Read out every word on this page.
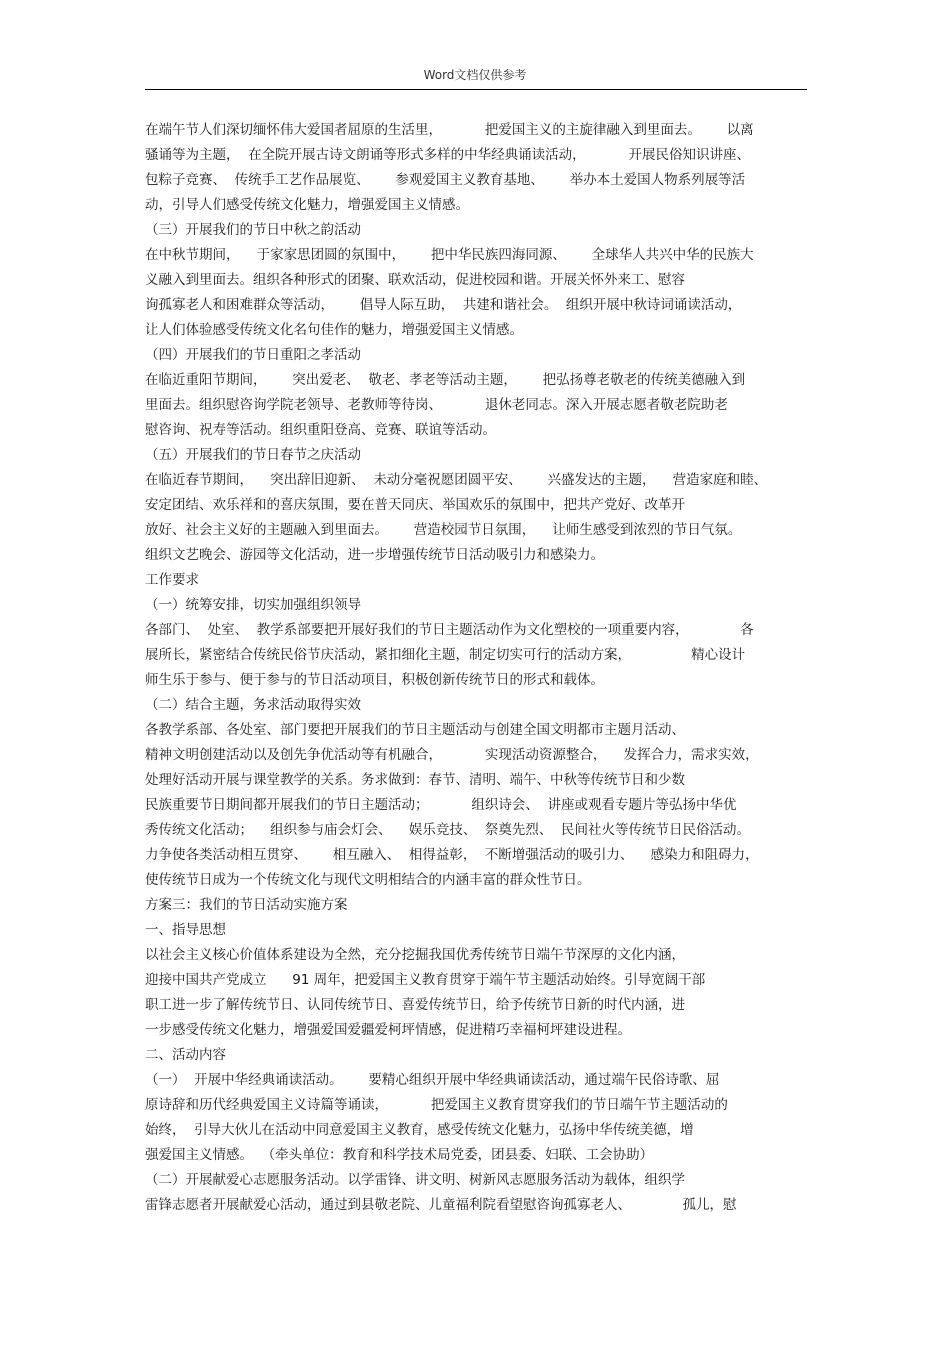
Word文档仅供参考
在端午节人们深切缅怀伟大爱国者屈原的生活里，          把爱国主义的主旋律融入到里面去。      以离
骚诵等为主题，  在全院开展古诗文朗诵等形式多样的中华经典诵读活动，          开展民俗知识讲座、
包粽子竞赛、  传统手工艺作品展览、      参观爱国主义教育基地、      举办本土爱国人物系列展等活
动，引导人们感受传统文化魅力，增强爱国主义情感。
（三）开展我们的节日中秋之韵活动
在中秋节期间，    于家家思团圆的氛围中，      把中华民族四海同源、      全球华人共兴中华的民族大
义融入到里面去。组织各种形式的团聚、联欢活动，促进校园和谐。开展关怀外来工、慰容
询孤寡老人和困难群众等活动，      倡导人际互助，  共建和谐社会。  组织开展中秋诗词诵读活动，
让人们体验感受传统文化名句佳作的魅力，增强爱国主义情感。
（四）开展我们的节日重阳之孝活动
在临近重阳节期间，      突出爱老、  敬老、孝老等活动主题，      把弘扬尊老敬老的传统美德融入到
里面去。组织慰咨询学院老领导、老教师等待岗、          退休老同志。深入开展志愿者敬老院助老
慰咨询、祝寿等活动。组织重阳登高、竞赛、联谊等活动。
（五）开展我们的节日春节之庆活动
在临近春节期间，    突出辞旧迎新、  未动分毫祝愿团圆平安、      兴盛发达的主题，    营造家庭和睦、
安定团结、欢乐祥和的喜庆氛围，要在普天同庆、举国欢乐的氛围中，把共产党好、改革开
放好、社会主义好的主题融入到里面去。      营造校园节日氛围，    让师生感受到浓烈的节日气氛。
组织文艺晚会、游园等文化活动，进一步增强传统节日活动吸引力和感染力。
工作要求
（一）统筹安排，切实加强组织领导
各部门、  处室、  教学系部要把开展好我们的节日主题活动作为文化塑校的一项重要内容，            各
展所长，紧密结合传统民俗节庆活动，紧扣细化主题，制定切实可行的活动方案，              精心设计
师生乐于参与、便于参与的节日活动项目，积极创新传统节日的形式和载体。
（二）结合主题，务求活动取得实效
各教学系部、各处室、部门要把开展我们的节日主题活动与创建全国文明都市主题月活动、
精神文明创建活动以及创先争优活动等有机融合，          实现活动资源整合，    发挥合力，需求实效，
处理好活动开展与课堂教学的关系。务求做到：春节、清明、端午、中秋等传统节日和少数
民族重要节日期间都开展我们的节日主题活动；          组织诗会、  讲座或观看专题片等弘扬中华优
秀传统文化活动；    组织参与庙会灯会、    娱乐竞技、  祭奠先烈、  民间社火等传统节日民俗活动。
力争使各类活动相互贯穿、      相互融入、  相得益彰，  不断增强活动的吸引力、    感染力和阻碍力，
使传统节日成为一个传统文化与现代文明相结合的内涵丰富的群众性节日。
方案三：我们的节日活动实施方案
一、指导思想
以社会主义核心价值体系建设为全然，充分挖掘我国优秀传统节日端午节深厚的文化内涵，
迎接中国共产党成立      91 周年，把爱国主义教育贯穿于端午节主题活动始终。引导宽阔干部
职工进一步了解传统节日、认同传统节日、喜爱传统节日，给予传统节日新的时代内涵，进
一步感受传统文化魅力，增强爱国爱疆爱柯坪情感，促进精巧幸福柯坪建设进程。
二、活动内容
（一）  开展中华经典诵读活动。      要精心组织开展中华经典诵读活动，通过端午民俗诗歌、屈
原诗辞和历代经典爱国主义诗篇等诵读，          把爱国主义教育贯穿我们的节日端午节主题活动的
始终，  引导大伙儿在活动中同意爱国主义教育，感受传统文化魅力，弘扬中华传统美德，增
强爱国主义情感。  （牵头单位：教育和科学技术局党委，团县委、妇联、工会协助）
（二）开展献爱心志愿服务活动。以学雷锋、讲文明、树新风志愿服务活动为载体，组织学
雷锋志愿者开展献爱心活动，通过到县敬老院、儿童福利院看望慰咨询孤寡老人、            孤儿，慰
